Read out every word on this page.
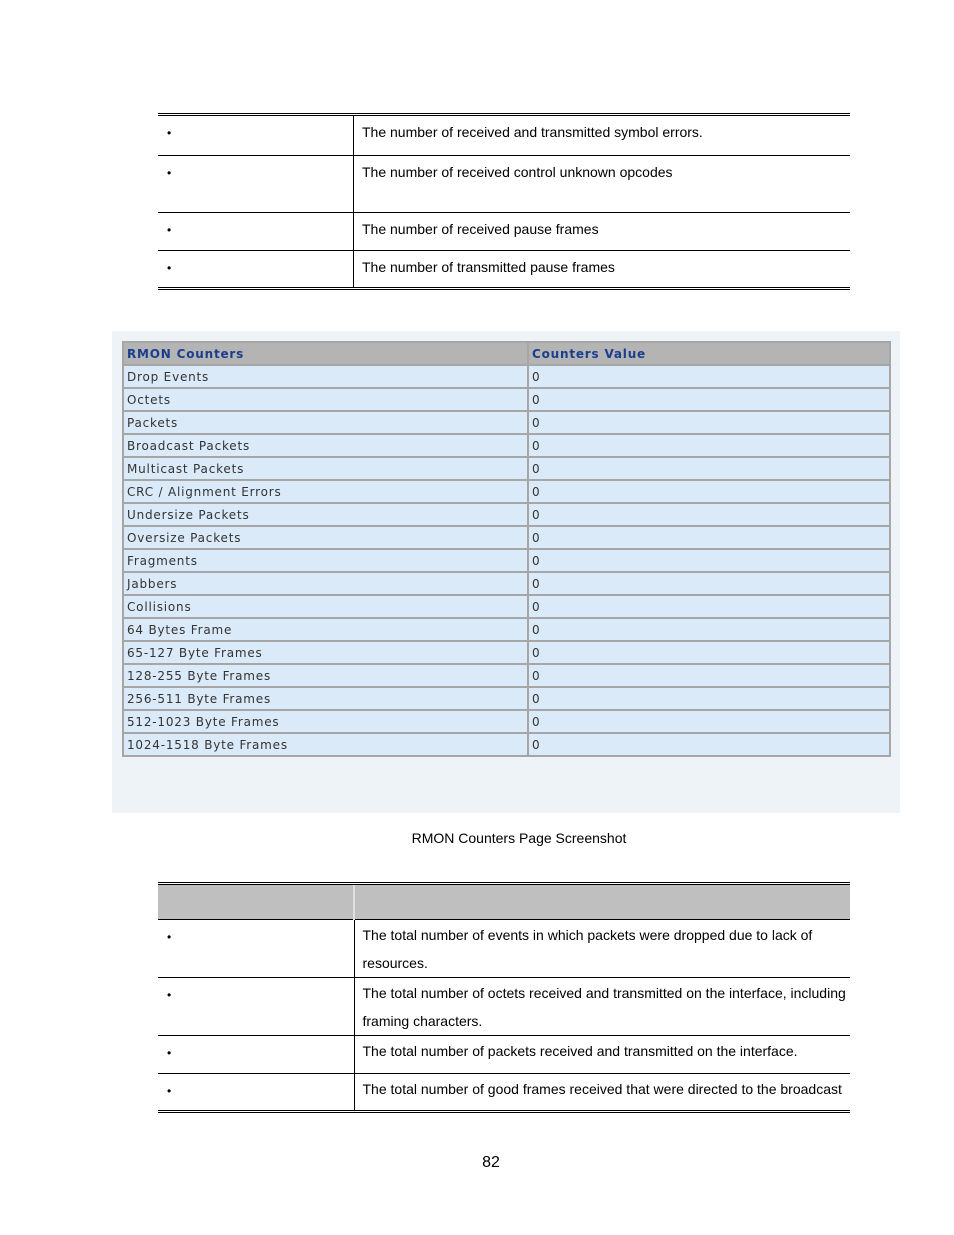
•	The number of received and transmitted symbol errors.
•	The number of received control unknown opcodes
•	The number of received pause frames
•	The number of transmitted pause frames
RMON Counters	Counters Value
Drop Events	0
Octets	0
Packets	0
Broadcast Packets	0
Multicast Packets	0
CRC / Alignment Errors	0
Undersize Packets	0
Oversize Packets	0
Fragments	0
Jabbers	0
Collisions	0
64 Bytes Frame	0
65-127 Byte Frames	0
128-255 Byte Frames	0
256-511 Byte Frames	0
512-1023 Byte Frames	0
1024-1518 Byte Frames	0
RMON Counters Page Screenshot

•	The total number of events in which packets were dropped due to lack of resources.
•	The total number of octets received and transmitted on the interface, including framing characters.
•	The total number of packets received and transmitted on the interface.
•	The total number of good frames received that were directed to the broadcast
82
